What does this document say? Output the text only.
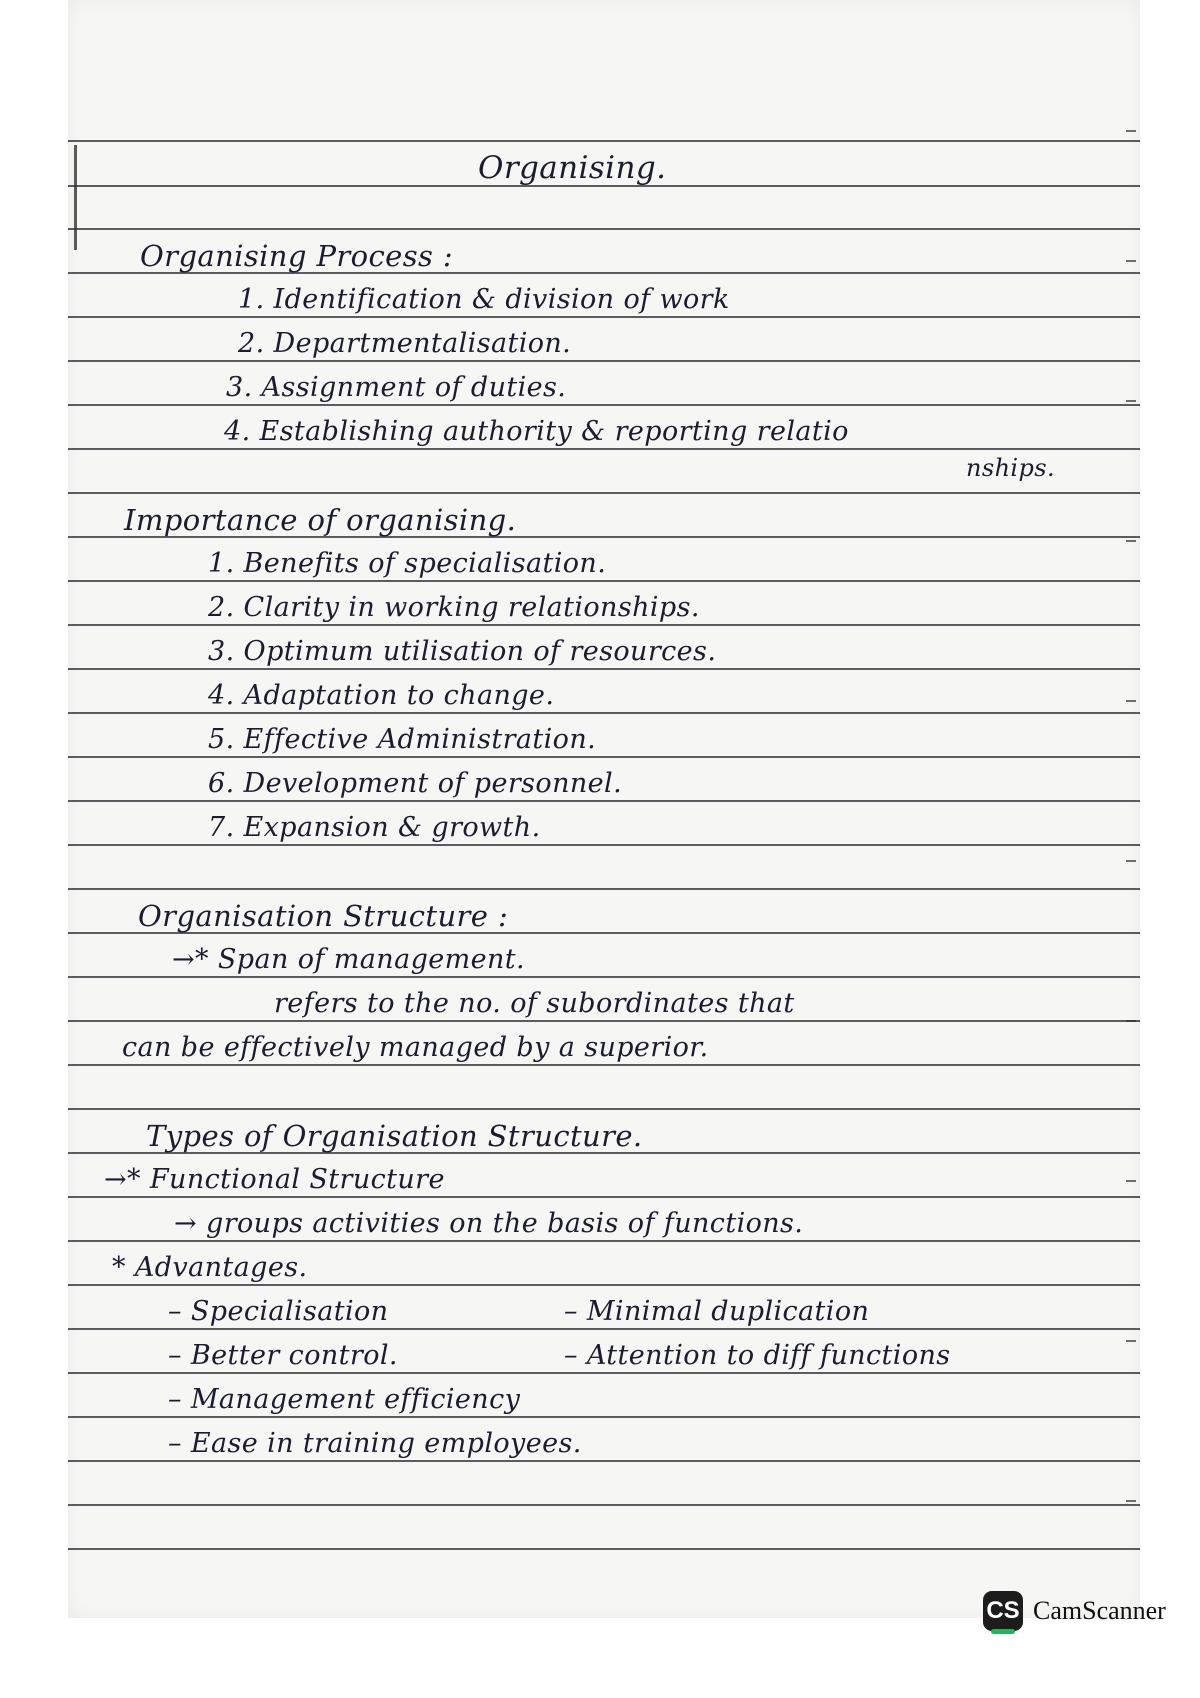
Organising.
Organising Process :
1. Identification & division of work
2. Departmentalisation.
3. Assignment of duties.
4. Establishing authority & reporting relatio
nships.
Importance of organising.
1. Benefits of specialisation.
2. Clarity in working relationships.
3. Optimum utilisation of resources.
4. Adaptation to change.
5. Effective Administration.
6. Development of personnel.
7. Expansion & growth.
Organisation Structure :
→* Span of management.
refers to the no. of subordinates that
can be effectively managed by a superior.
Types of Organisation Structure.
→* Functional Structure
→ groups activities on the basis of functions.
* Advantages.
– Specialisation	– Minimal duplication
– Better control.	– Attention to diff functions
– Management efficiency
– Ease in training employees.
CS CamScanner
